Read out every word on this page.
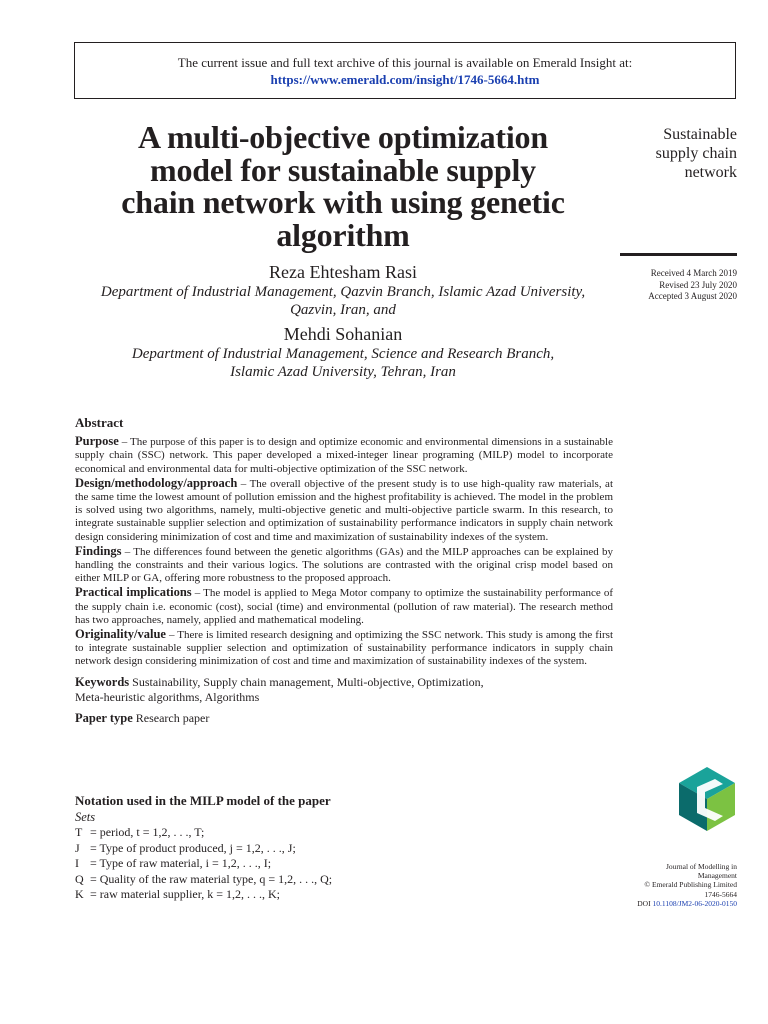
The current issue and full text archive of this journal is available on Emerald Insight at:
https://www.emerald.com/insight/1746-5664.htm
A multi-objective optimization
model for sustainable supply
chain network with using genetic
algorithm
Reza Ehtesham Rasi
Department of Industrial Management, Qazvin Branch, Islamic Azad University,
Qazvin, Iran, and
Mehdi Sohanian
Department of Industrial Management, Science and Research Branch,
Islamic Azad University, Tehran, Iran
Sustainable
supply chain
network
Received 4 March 2019
Revised 23 July 2020
Accepted 3 August 2020

Abstract

Purpose – The purpose of this paper is to design and optimize economic and environmental dimensions in a sustainable supply chain (SSC) network. This paper developed a mixed-integer linear programing (MILP) model to incorporate economical and environmental data for multi-objective optimization of the SSC network.

Design/methodology/approach – The overall objective of the present study is to use high-quality raw materials, at the same time the lowest amount of pollution emission and the highest profitability is achieved. The model in the problem is solved using two algorithms, namely, multi-objective genetic and multi-objective particle swarm. In this research, to integrate sustainable supplier selection and optimization of sustainability performance indicators in supply chain network design considering minimization of cost and time and maximization of sustainability indexes of the system.

Findings – The differences found between the genetic algorithms (GAs) and the MILP approaches can be explained by handling the constraints and their various logics. The solutions are contrasted with the original crisp model based on either MILP or GA, offering more robustness to the proposed approach.

Practical implications – The model is applied to Mega Motor company to optimize the sustainability performance of the supply chain i.e. economic (cost), social (time) and environmental (pollution of raw material). The research method has two approaches, namely, applied and mathematical modeling.

Originality/value – There is limited research designing and optimizing the SSC network. This study is among the first to integrate sustainable supplier selection and optimization of sustainability performance indicators in supply chain network design considering minimization of cost and time and maximization of sustainability indexes of the system.

Keywords Sustainability, Supply chain management, Multi-objective, Optimization,
Meta-heuristic algorithms, Algorithms

Paper type Research paper

Notation used in the MILP model of the paper
Sets
T = period, t = 1,2, . . ., T;
J = Type of product produced, j = 1,2, . . ., J;
I = Type of raw material, i = 1,2, . . ., I;
Q = Quality of the raw material type, q = 1,2, . . ., Q;
K = raw material supplier, k = 1,2, . . ., K;
Journal of Modelling in
Management
© Emerald Publishing Limited
1746-5664
DOI 10.1108/JM2-06-2020-0150
